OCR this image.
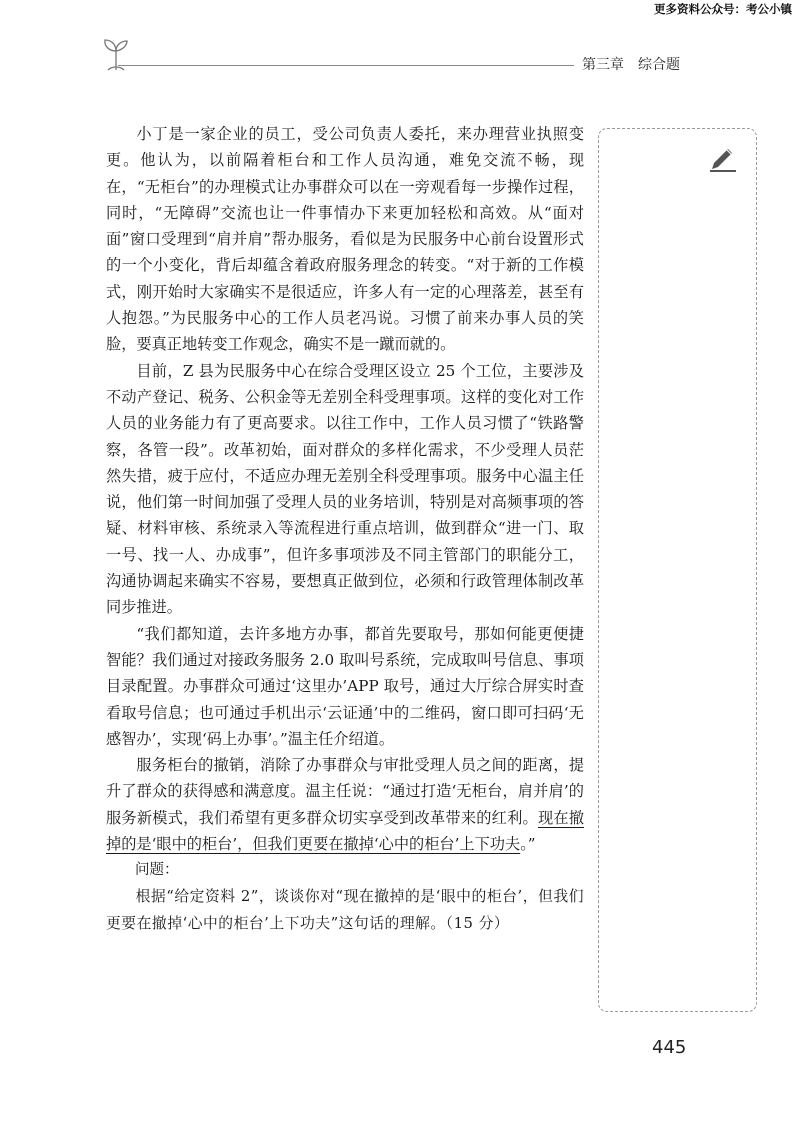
更多资料公众号：考公小镇
第三章 综合题

小丁是一家企业的员工，受公司负责人委托，来办理营业执照变更。他认为，以前隔着柜台和工作人员沟通，难免交流不畅，现在，“无柜台”的办理模式让办事群众可以在一旁观看每一步操作过程，同时，“无障碍”交流也让一件事情办下来更加轻松和高效。从“面对面”窗口受理到“肩并肩”帮办服务，看似是为民服务中心前台设置形式的一个小变化，背后却蕴含着政府服务理念的转变。“对于新的工作模式，刚开始时大家确实不是很适应，许多人有一定的心理落差，甚至有人抱怨。”为民服务中心的工作人员老冯说。习惯了前来办事人员的笑脸，要真正地转变工作观念，确实不是一蹴而就的。

目前，Z 县为民服务中心在综合受理区设立 25 个工位，主要涉及不动产登记、税务、公积金等无差别全科受理事项。这样的变化对工作人员的业务能力有了更高要求。以往工作中，工作人员习惯了“铁路警察，各管一段”。改革初始，面对群众的多样化需求，不少受理人员茫然失措，疲于应付，不适应办理无差别全科受理事项。服务中心温主任说，他们第一时间加强了受理人员的业务培训，特别是对高频事项的答疑、材料审核、系统录入等流程进行重点培训，做到群众“进一门、取一号、找一人、办成事”，但许多事项涉及不同主管部门的职能分工，沟通协调起来确实不容易，要想真正做到位，必须和行政管理体制改革同步推进。

“我们都知道，去许多地方办事，都首先要取号，那如何能更便捷智能？我们通过对接政务服务 2.0 取叫号系统，完成取叫号信息、事项目录配置。办事群众可通过‘这里办’APP 取号，通过大厅综合屏实时查看取号信息；也可通过手机出示‘云证通’中的二维码，窗口即可扫码‘无感智办’，实现‘码上办事’。”温主任介绍道。

服务柜台的撤销，消除了办事群众与审批受理人员之间的距离，提升了群众的获得感和满意度。温主任说：“通过打造‘无柜台，肩并肩’的服务新模式，我们希望有更多群众切实享受到改革带来的红利。现在撤掉的是‘眼中的柜台’，但我们更要在撤掉‘心中的柜台’上下功夫。”

问题：

根据“给定资料 2”，谈谈你对“现在撤掉的是‘眼中的柜台’，但我们更要在撤掉‘心中的柜台’上下功夫”这句话的理解。（15 分）

445
